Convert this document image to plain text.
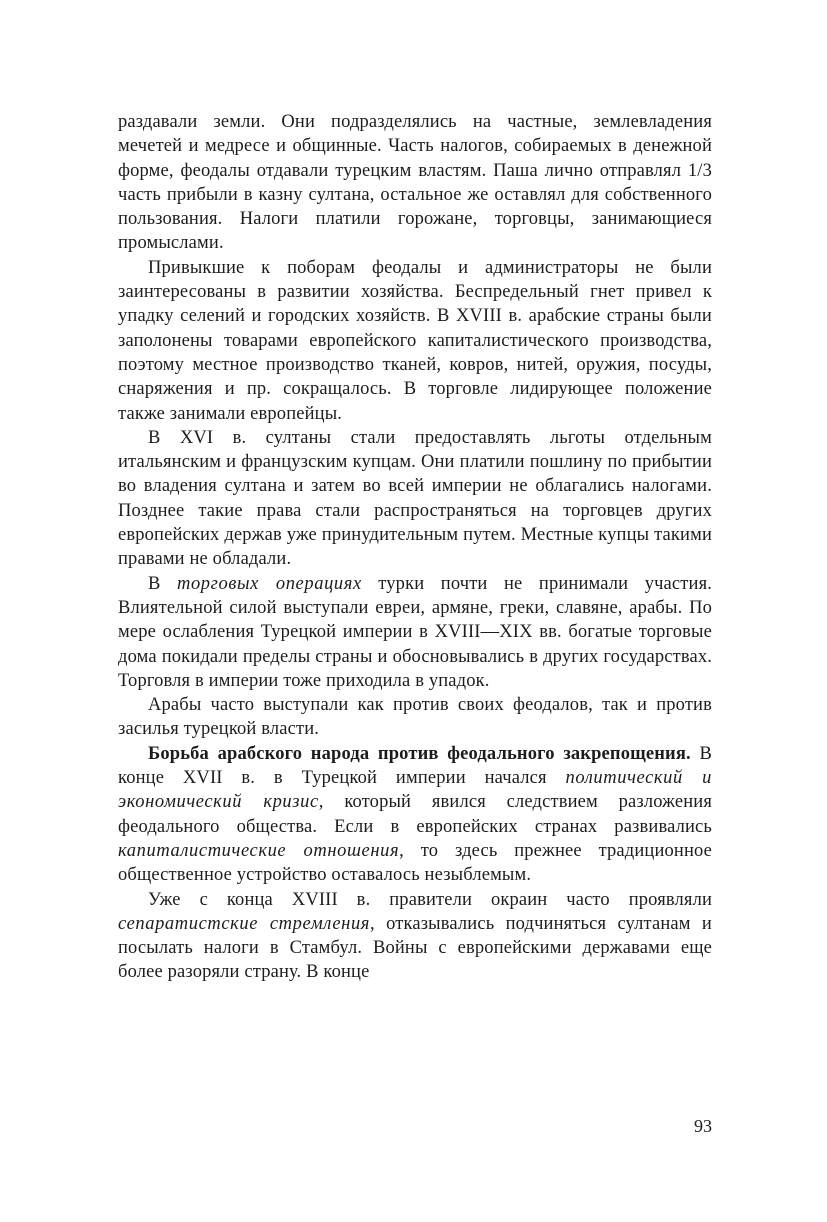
раздавали земли. Они подразделялись на частные, землевладения мечетей и медресе и общинные. Часть налогов, собираемых в денежной форме, феодалы отдавали турецким властям. Паша лично отправлял 1/3 часть прибыли в казну султана, остальное же оставлял для собственного пользования. Налоги платили горожане, торговцы, занимающиеся промыслами.

Привыкшие к поборам феодалы и администраторы не были заинтересованы в развитии хозяйства. Беспредельный гнет привел к упадку селений и городских хозяйств. В XVIII в. арабские страны были заполонены товарами европейского капиталистического производства, поэтому местное производство тканей, ковров, нитей, оружия, посуды, снаряжения и пр. сокращалось. В торговле лидирующее положение также занимали европейцы.

В XVI в. султаны стали предоставлять льготы отдельным итальянским и французским купцам. Они платили пошлину по прибытии во владения султана и затем во всей империи не облагались налогами. Позднее такие права стали распространяться на торговцев других европейских держав уже принудительным путем. Местные купцы такими правами не обладали.

В торговых операциях турки почти не принимали участия. Влиятельной силой выступали евреи, армяне, греки, славяне, арабы. По мере ослабления Турецкой империи в XVIII—XIX вв. богатые торговые дома покидали пределы страны и обосновывались в других государствах. Торговля в империи тоже приходила в упадок.

Арабы часто выступали как против своих феодалов, так и против засилья турецкой власти.

Борьба арабского народа против феодального закрепощения. В конце XVII в. в Турецкой империи начался политический и экономический кризис, который явился следствием разложения феодального общества. Если в европейских странах развивались капиталистические отношения, то здесь прежнее традиционное общественное устройство оставалось незыблемым.

Уже с конца XVIII в. правители окраин часто проявляли сепаратистские стремления, отказывались подчиняться султанам и посылать налоги в Стамбул. Войны с европейскими державами еще более разоряли страну. В конце

93
